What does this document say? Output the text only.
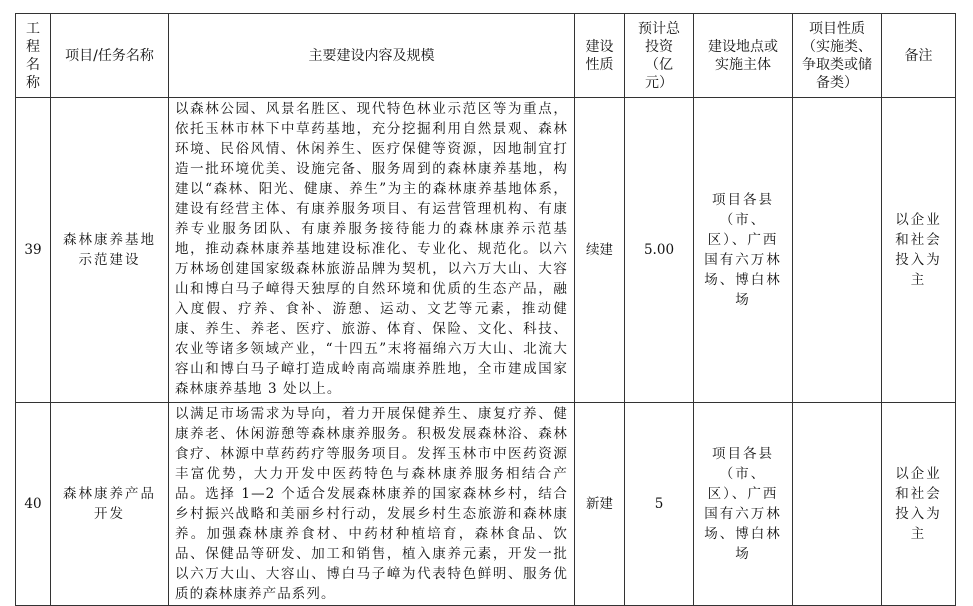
工程名称	项目/任务名称	主要建设内容及规模	建设性质	预计总投资（亿元）	建设地点或实施主体	项目性质（实施类、争取类或储备类）	备注
39	森林康养基地示范建设	以森林公园、风景名胜区、现代特色林业示范区等为重点，依托玉林市林下中草药基地，充分挖掘利用自然景观、森林环境、民俗风情、休闲养生、医疗保健等资源，因地制宜打造一批环境优美、设施完备、服务周到的森林康养基地，构建以“森林、阳光、健康、养生”为主的森林康养基地体系，建设有经营主体、有康养服务项目、有运营管理机构、有康养专业服务团队、有康养服务接待能力的森林康养示范基地，推动森林康养基地建设标准化、专业化、规范化。以六万林场创建国家级森林旅游品牌为契机，以六万大山、大容山和博白马子嶂得天独厚的自然环境和优质的生态产品，融入度假、疗养、食补、游憩、运动、文艺等元素，推动健康、养生、养老、医疗、旅游、体育、保险、文化、科技、农业等诸多领域产业，“十四五”末将福绵六万大山、北流大容山和博白马子嶂打造成岭南高端康养胜地，全市建成国家森林康养基地 3 处以上。	续建	5.00	项目各县（市、区）、广西国有六万林场、博白林场		以企业和社会投入为主

40	森林康养产品开发	以满足市场需求为导向，着力开展保健养生、康复疗养、健康养老、休闲游憩等森林康养服务。积极发展森林浴、森林食疗、林源中草药药疗等服务项目。发挥玉林市中医药资源丰富优势，大力开发中医药特色与森林康养服务相结合产品。选择 1—2 个适合发展森林康养的国家森林乡村，结合乡村振兴战略和美丽乡村行动，发展乡村生态旅游和森林康养。加强森林康养食材、中药材种植培育，森林食品、饮品、保健品等研发、加工和销售，植入康养元素，开发一批以六万大山、大容山、博白马子嶂为代表特色鲜明、服务优质的森林康养产品系列。	新建	5	项目各县（市、区）、广西国有六万林场、博白林场		以企业和社会投入为主
